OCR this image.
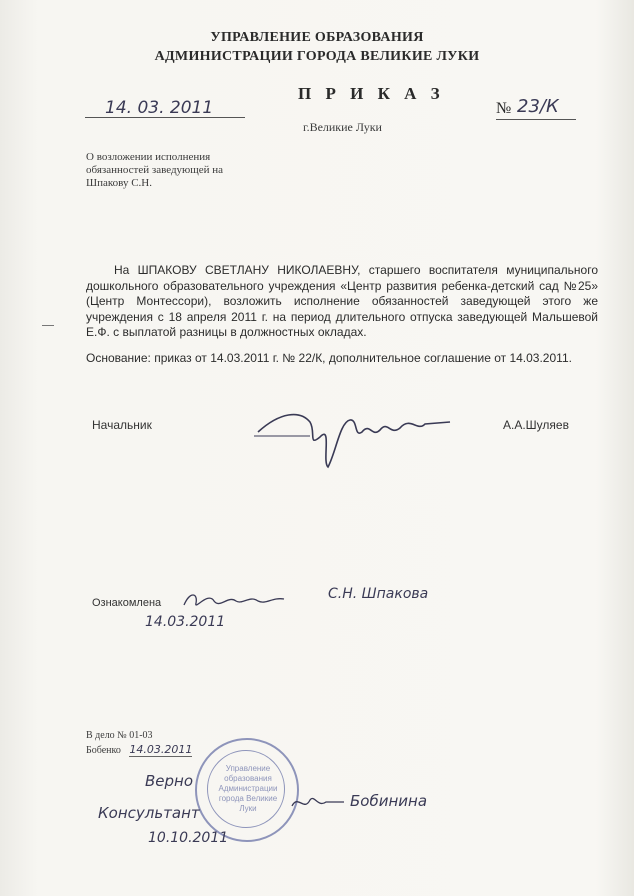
УПРАВЛЕНИЕ ОБРАЗОВАНИЯ
АДМИНИСТРАЦИИ ГОРОДА ВЕЛИКИЕ ЛУКИ
П Р И К А З
14. 03. 2011	№ 23/К
г.Великие Луки
О возложении исполнения
обязанностей заведующей на
Шпакову С.Н.
На ШПАКОВУ СВЕТЛАНУ НИКОЛАЕВНУ, старшего воспитателя муниципального дошкольного образовательного учреждения «Центр развития ребенка-детский сад №25» (Центр Монтессори), возложить исполнение обязанностей заведующей этого же учреждения с 18 апреля 2011 г. на период длительного отпуска заведующей Мальшевой Е.Ф. с выплатой разницы в должностных окладах.
Основание: приказ от 14.03.2011 г. № 22/К, дополнительное соглашение от 14.03.2011.
Начальник	А.А.Шуляев
Ознакомлена
С.Н. Шпакова
14.03.2011
В дело № 01-03
Бобенко 14.03.2011
Управление
образования
Администрации
города Великие Луки
Верно
Консультант
Бобинина
10.10.2011
